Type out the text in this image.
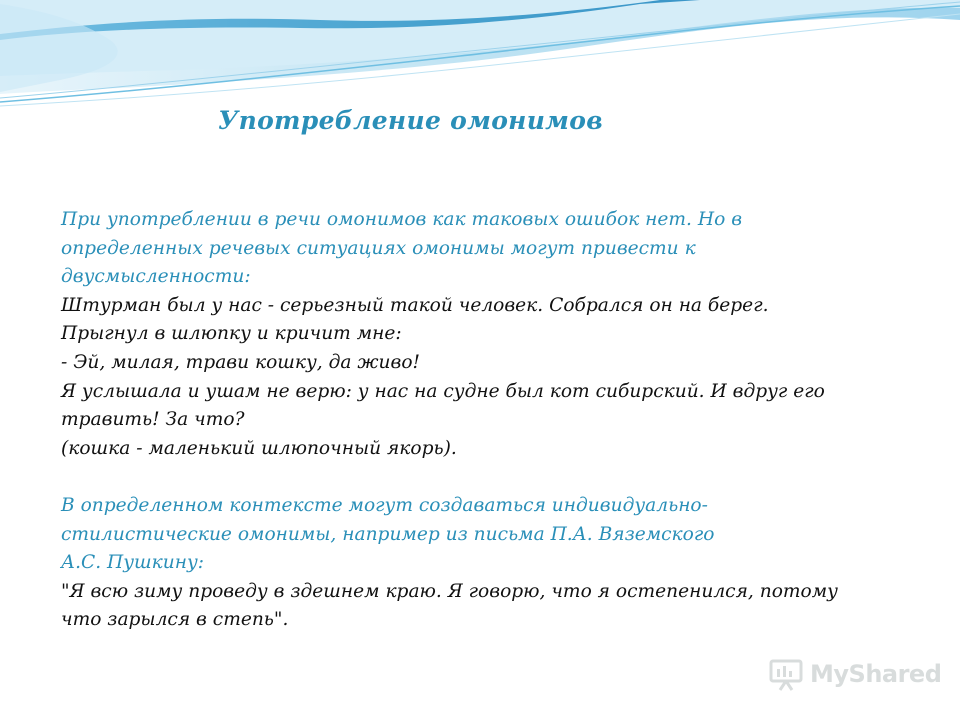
Употребление омонимов
При употреблении в речи омонимов как таковых ошибок нет. Но в
определенных речевых ситуациях омонимы могут привести к
двусмысленности:
Штурман был у нас - серьезный такой человек. Собрался он на берег.
Прыгнул в шлюпку и кричит мне:
- Эй, милая, трави кошку, да живо!
Я услышала и ушам не верю: у нас на судне был кот сибирский. И вдруг его
травить! За что?
(кошка - маленький шлюпочный якорь).
В определенном контексте могут создаваться индивидуально-
стилистические омонимы, например из письма П.А. Вяземского
А.С. Пушкину:
"Я всю зиму проведу в здешнем краю. Я говорю, что я остепенился, потому
что зарылся в степь".
MyShared
